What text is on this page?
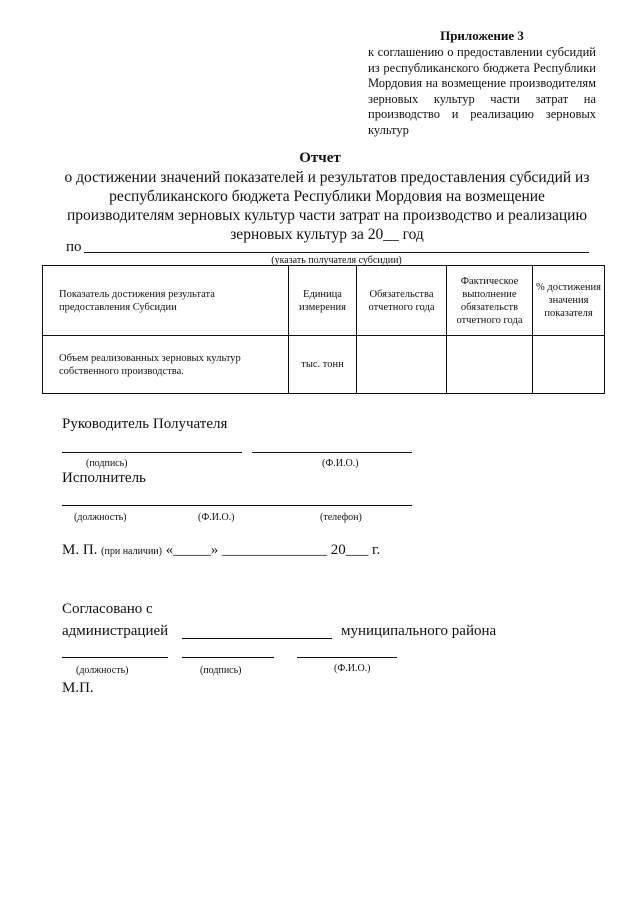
Приложение 3
к соглашению о предоставлении субсидий из республиканского бюджета Республики Мордовия на возмещение производителям зерновых культур части затрат на производство и реализацию зерновых культур
Отчет
о достижении значений показателей и результатов предоставления субсидий из республиканского бюджета Республики Мордовия на возмещение производителям зерновых культур части затрат на производство и реализацию зерновых культур за 20__ год
по
(указать получателя субсидии)
Показатель достижения результата предоставления Субсидии	Единица измерения	Обязательства отчетного года	Фактическое выполнение обязательств отчетного года	% достижения значения показателя
Объем реализованных зерновых культур собственного производства.	тыс. тонн			
Руководитель Получателя
(подпись)	(Ф.И.О.)
Исполнитель
(должность)	(Ф.И.О.)	(телефон)
М. П. (при наличии) «_____» ______________ 20___ г.
Согласовано с
администрацией	муниципального района
(должность)	(подпись)	(Ф.И.О.)
М.П.
